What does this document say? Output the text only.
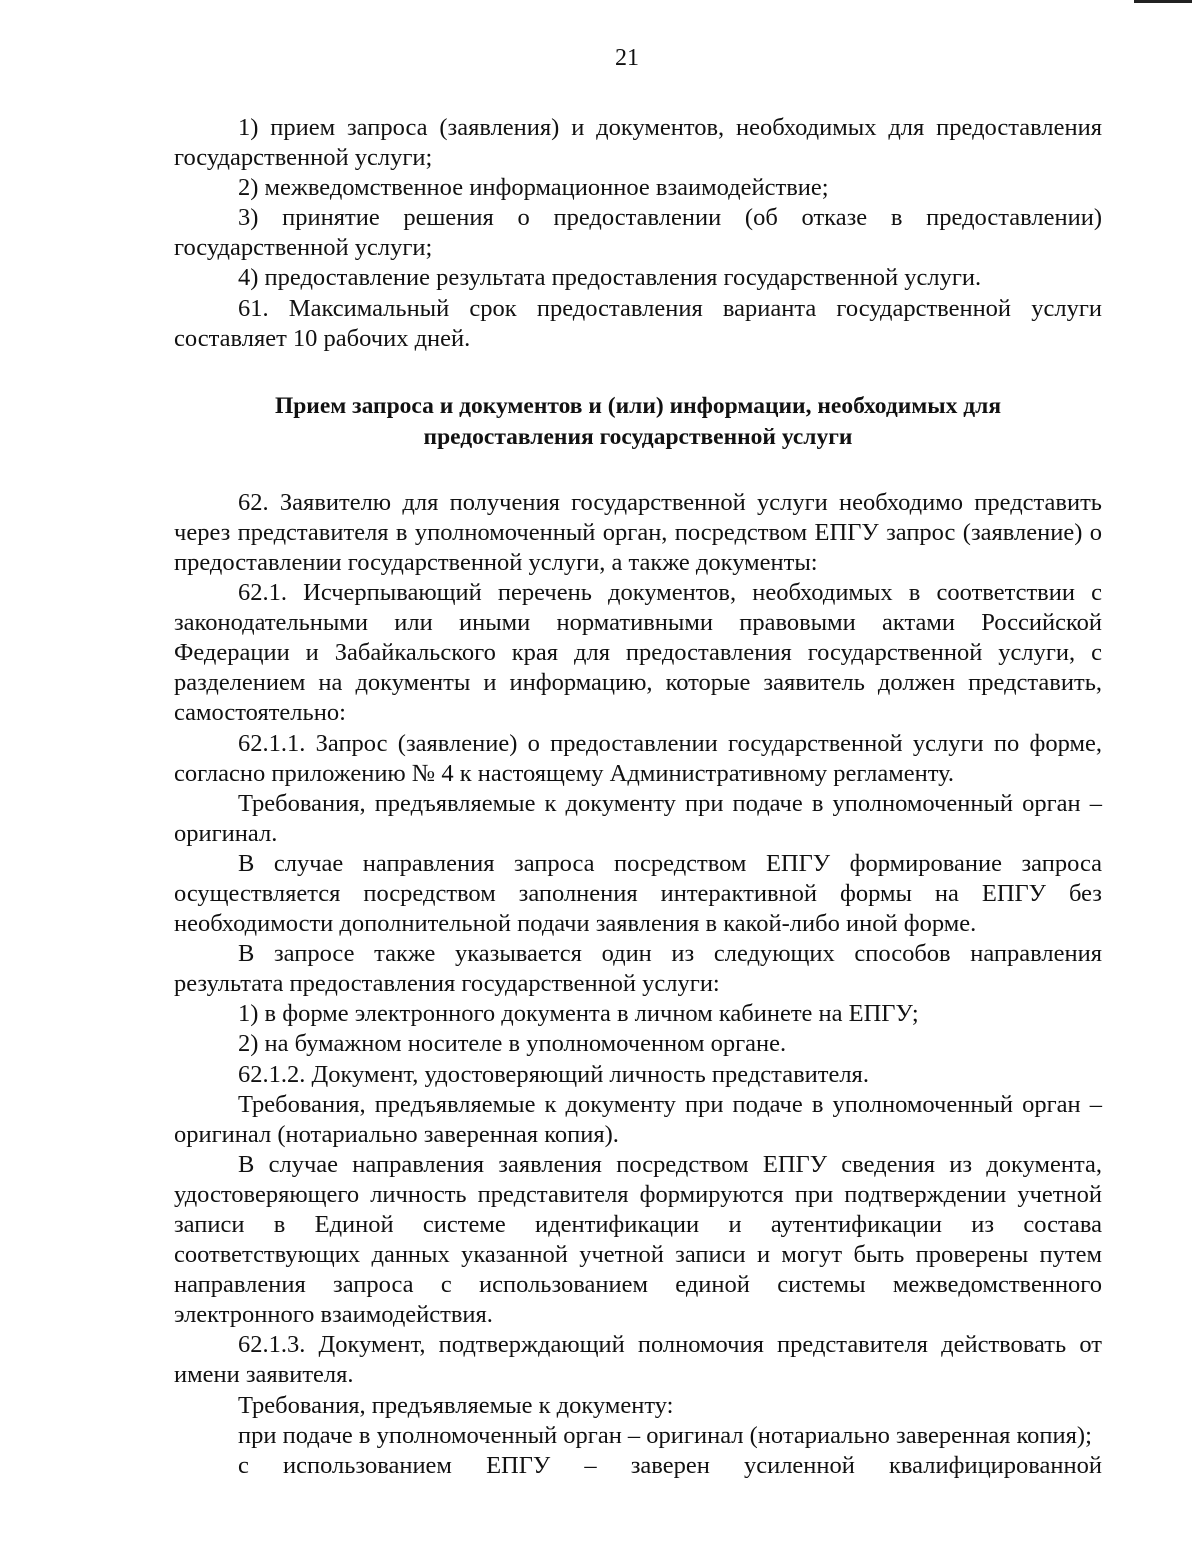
21

1) прием запроса (заявления) и документов, необходимых для предоставления государственной услуги;

2) межведомственное информационное взаимодействие;

3) принятие решения о предоставлении (об отказе в предоставлении) государственной услуги;

4) предоставление результата предоставления государственной услуги.

61. Максимальный срок предоставления варианта государственной услуги составляет 10 рабочих дней.

Прием запроса и документов и (или) информации, необходимых для
предоставления государственной услуги

62. Заявителю для получения государственной услуги необходимо представить через представителя в уполномоченный орган, посредством ЕПГУ запрос (заявление) о предоставлении государственной услуги, а также документы:

62.1. Исчерпывающий перечень документов, необходимых в соответствии с законодательными или иными нормативными правовыми актами Российской Федерации и Забайкальского края для предоставления государственной услуги, с разделением на документы и информацию, которые заявитель должен представить, самостоятельно:

62.1.1. Запрос (заявление) о предоставлении государственной услуги по форме, согласно приложению № 4 к настоящему Административному регламенту.

Требования, предъявляемые к документу при подаче в уполномоченный орган – оригинал.

В случае направления запроса посредством ЕПГУ формирование запроса осуществляется посредством заполнения интерактивной формы на ЕПГУ без необходимости дополнительной подачи заявления в какой-либо иной форме.

В запросе также указывается один из следующих способов направления результата предоставления государственной услуги:

1) в форме электронного документа в личном кабинете на ЕПГУ;

2) на бумажном носителе в уполномоченном органе.

62.1.2. Документ, удостоверяющий личность представителя.

Требования, предъявляемые к документу при подаче в уполномоченный орган – оригинал (нотариально заверенная копия).

В случае направления заявления посредством ЕПГУ сведения из документа, удостоверяющего личность представителя формируются при подтверждении учетной записи в Единой системе идентификации и аутентификации из состава соответствующих данных указанной учетной записи и могут быть проверены путем направления запроса с использованием единой системы межведомственного электронного взаимодействия.

62.1.3. Документ, подтверждающий полномочия представителя действовать от имени заявителя.

Требования, предъявляемые к документу:

при подаче в уполномоченный орган – оригинал (нотариально заверенная копия);

с использованием ЕПГУ – заверен усиленной квалифицированной
